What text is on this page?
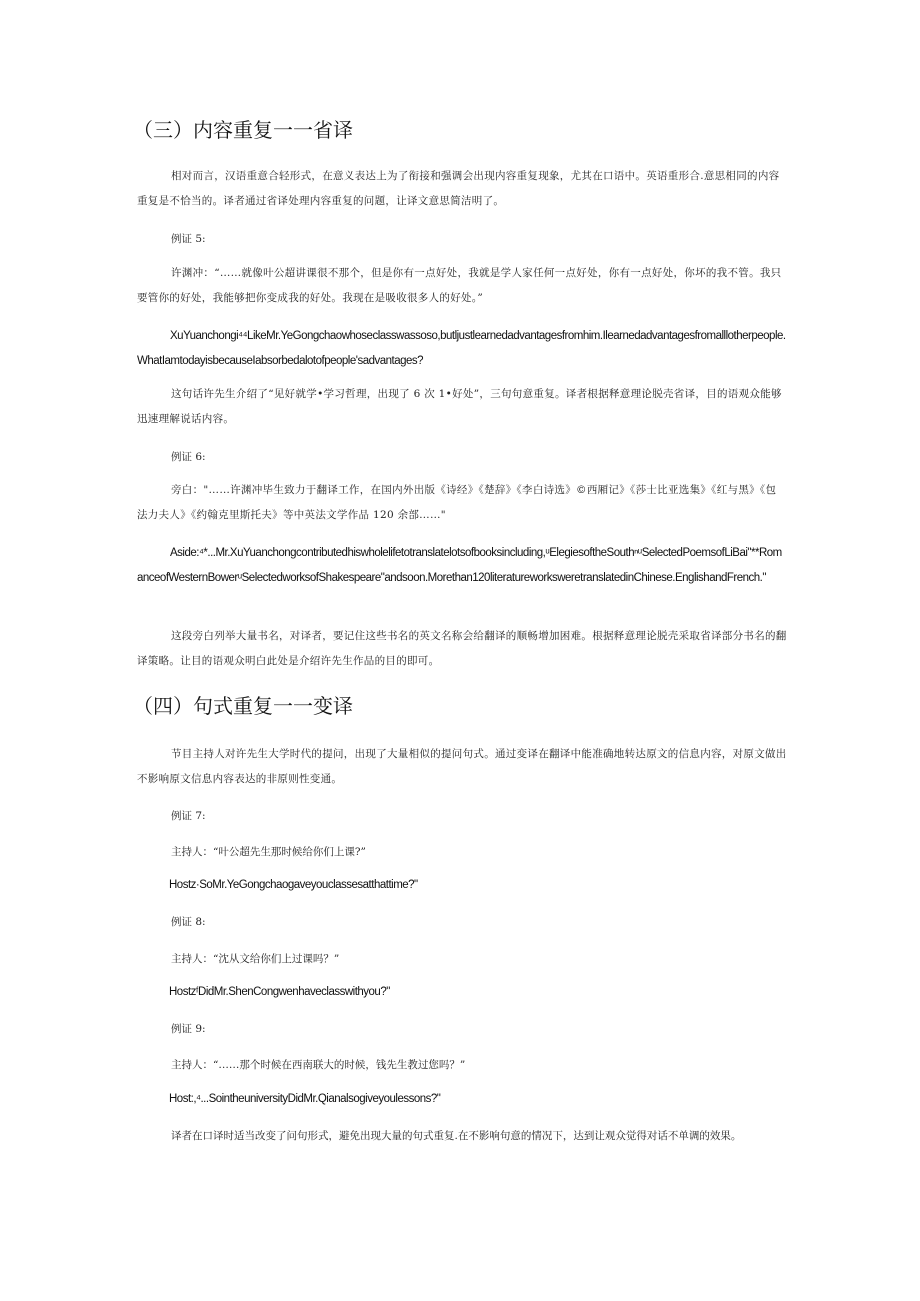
（三）内容重复一一省译
相对而言，汉语重意合轻形式，在意义表达上为了衔接和强调会出现内容重复现象，尤其在口语中。英语重形合.意思相同的内容重复是不恰当的。译者通过省译处理内容重复的问题，让译文意思简洁明了。
例证 5:
许渊冲：“……就像叶公超讲课很不那个，但是你有一点好处，我就是学人家任何一点好处，你有一点好处，你坏的我不管。我只要管你的好处，我能够把你变成我的好处。我现在是吸收很多人的好处。”
XuYuanchongi⁴⁴LikeMr.YeGongchaowhoseclasswassoso,butljustlearnedadvantagesfromhim.Ilearnedadvantagesfromalllotherpeople.WhatIamtodayisbecauseIabsorbedalotofpeople'sadvantages?
这句话许先生介绍了“见好就学•学习哲理，出现了 6 次 1•好处”，三句句意重复。译者根据释意理论脱壳省译，目的语观众能够迅速理解说话内容。
例证 6:
旁白："……许渊冲毕生致力于翻译工作，在国内外出版《诗经》《楚辞》《李白诗选》©西厢记》《莎士比亚选集》《红与黑》《包法力夫人》《约翰克里斯托夫》等中英法文学作品 120 余部……"
Aside:⁴*...Mr.XuYuanchongcontributedhiswholelifetotranslatelotsofbooksincluding,ᵘElegiesoftheSouthⁿᵘSelectedPoemsofLiBai"**RomanceofWesternBowerᵘSelectedworksofShakespeare"andsoon.Morethan120literatureworksweretranslatedinChinese.EnglishandFrench."
这段旁白列举大量书名，对译者，要记住这些书名的英文名称会给翻译的顺畅增加困难。根据释意理论脱壳采取省译部分书名的翻译策略。让目的语观众明白此处是介绍许先生作品的目的即可。
（四）句式重复一一变译
节目主持人对许先生大学时代的提问，出现了大量相似的提问句式。通过变译在翻译中能准确地转达原文的信息内容，对原文做出不影响原文信息内容表达的非原则性变通。
例证 7:
主持人：“叶公超先生那时候给你们上课?”
Hostz·SoMr.YeGongchaogaveyouclassesatthattime?"
例证 8:
主持人：“沈从文给你们上过课吗？”
HostzᶠDidMr.ShenCongwenhaveclasswithyou?"
例证 9:
主持人：“……那个时候在西南联大的时候，钱先生教过您吗？”
Host:,⁴...SointheuniversityDidMr.Qianalsogiveyoulessons?"
译者在口译时适当改变了问句形式，避免出现大量的句式重复.在不影响句意的情况下，达到让观众觉得对话不单调的效果。
